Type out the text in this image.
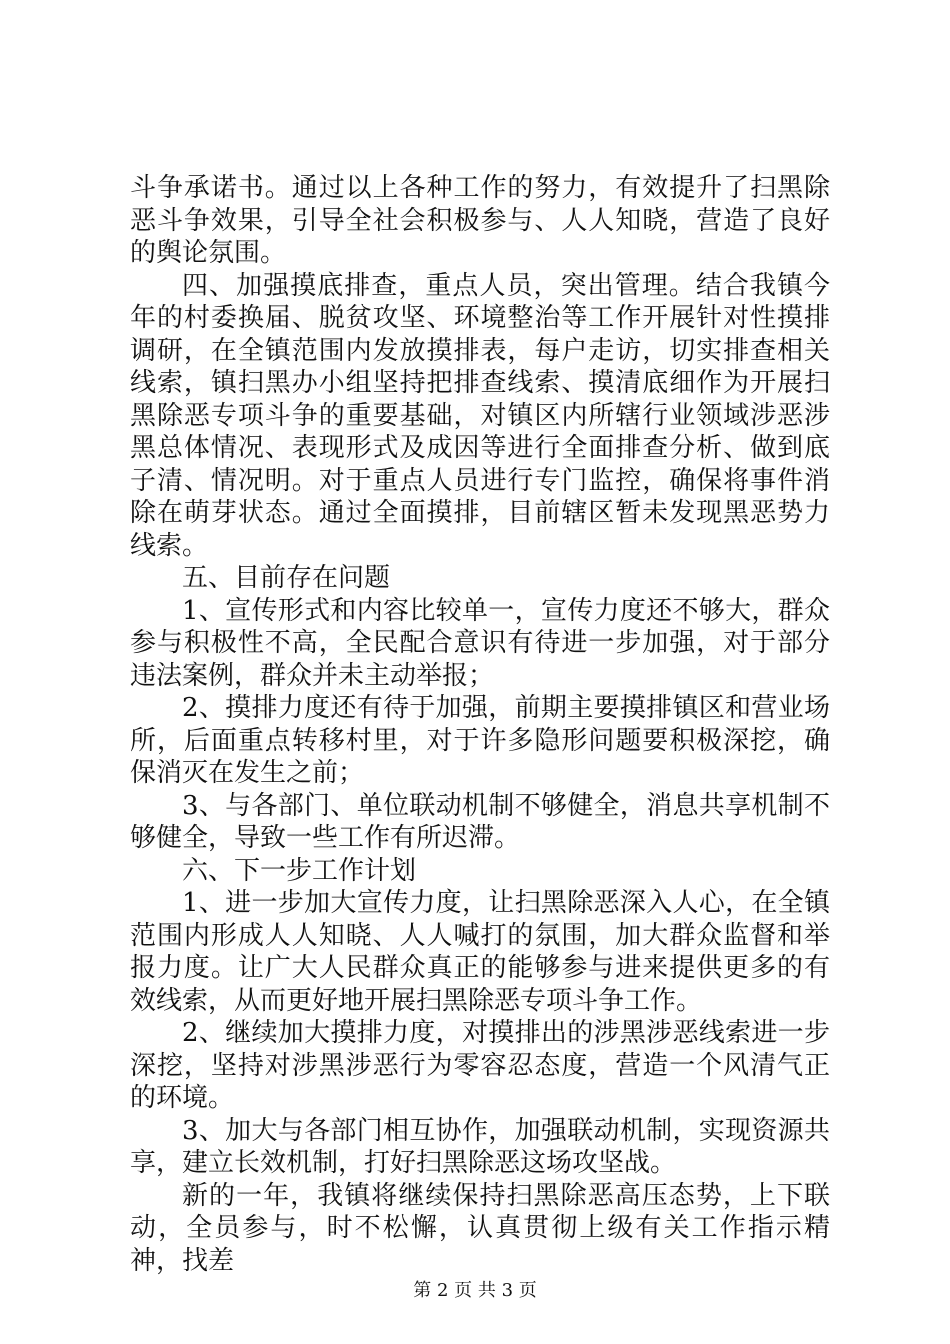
斗争承诺书。通过以上各种工作的努力，有效提升了扫黑除恶斗争效果，引导全社会积极参与、人人知晓，营造了良好的舆论氛围。

四、加强摸底排查，重点人员，突出管理。结合我镇今年的村委换届、脱贫攻坚、环境整治等工作开展针对性摸排调研，在全镇范围内发放摸排表，每户走访，切实排查相关线索，镇扫黑办小组坚持把排查线索、摸清底细作为开展扫黑除恶专项斗争的重要基础，对镇区内所辖行业领域涉恶涉黑总体情况、表现形式及成因等进行全面排查分析、做到底子清、情况明。对于重点人员进行专门监控，确保将事件消除在萌芽状态。通过全面摸排，目前辖区暂未发现黑恶势力线索。

五、目前存在问题

1、宣传形式和内容比较单一，宣传力度还不够大，群众参与积极性不高，全民配合意识有待进一步加强，对于部分违法案例，群众并未主动举报；

2、摸排力度还有待于加强，前期主要摸排镇区和营业场所，后面重点转移村里，对于许多隐形问题要积极深挖，确保消灭在发生之前；

3、与各部门、单位联动机制不够健全，消息共享机制不够健全，导致一些工作有所迟滞。

六、下一步工作计划

1、进一步加大宣传力度，让扫黑除恶深入人心，在全镇范围内形成人人知晓、人人喊打的氛围，加大群众监督和举报力度。让广大人民群众真正的能够参与进来提供更多的有效线索，从而更好地开展扫黑除恶专项斗争工作。

2、继续加大摸排力度，对摸排出的涉黑涉恶线索进一步深挖，坚持对涉黑涉恶行为零容忍态度，营造一个风清气正的环境。

3、加大与各部门相互协作，加强联动机制，实现资源共享，建立长效机制，打好扫黑除恶这场攻坚战。

新的一年，我镇将继续保持扫黑除恶高压态势，上下联动，全员参与，时不松懈，认真贯彻上级有关工作指示精神，找差

第 2 页 共 3 页
